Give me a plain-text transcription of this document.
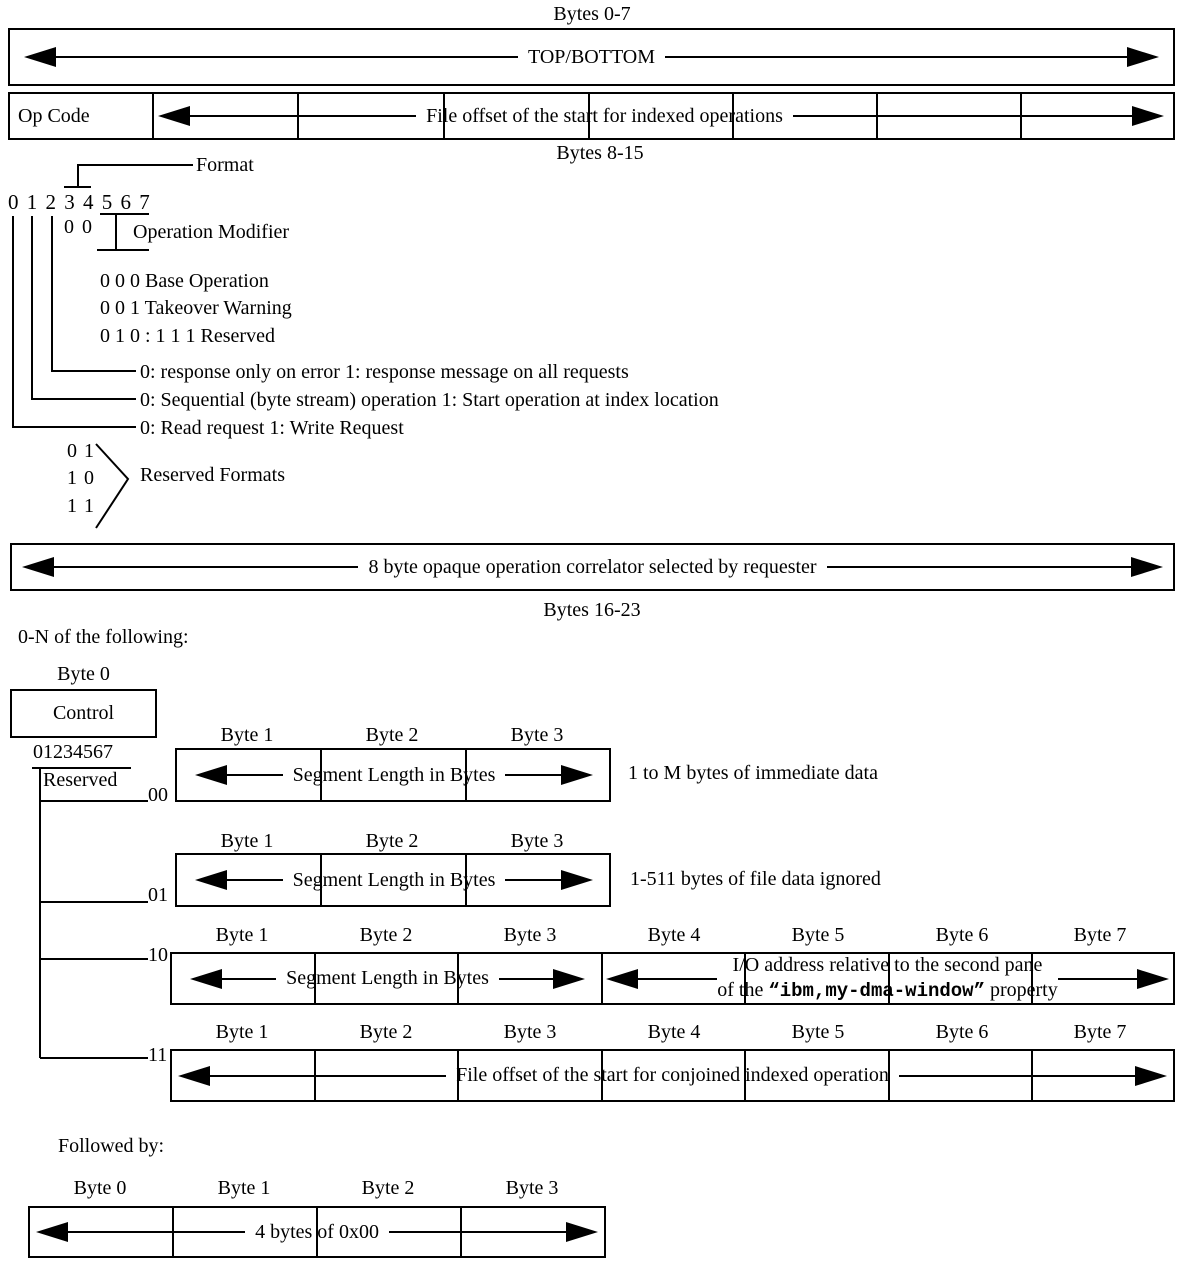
Bytes 0-7
TOP/BOTTOM
Op Code	File offset of the start for indexed operations
Bytes 8-15
Format
0 1 2 3 4 5 6 7
0 0 Operation Modifier
0 0 0 Base Operation
0 0 1 Takeover Warning
0 1 0 : 1 1 1 Reserved
0: response only on error 1: response message on all requests
0: Sequential (byte stream) operation 1: Start operation at index location
0: Read request 1: Write Request
0 1
1 0
1 1
Reserved Formats
8 byte opaque operation correlator selected by requester
Bytes 16-23
0-N of the following:
Byte 0
Control
01234567
Reserved
Byte 1	Byte 2	Byte 3
00
Segment Length in Bytes	1 to M bytes of immediate data
Byte 1	Byte 2	Byte 3
01
Segment Length in Bytes	1-511 bytes of file data ignored
Byte 1	Byte 2	Byte 3	Byte 4	Byte 5	Byte 6	Byte 7
10
Segment Length in Bytes
I/O address relative to the second pane
of the “ibm,my-dma-window” property
Byte 1	Byte 2	Byte 3	Byte 4	Byte 5	Byte 6	Byte 7
11
File offset of the start for conjoined indexed operation
Followed by:
Byte 0	Byte 1	Byte 2	Byte 3
4 bytes of 0x00
